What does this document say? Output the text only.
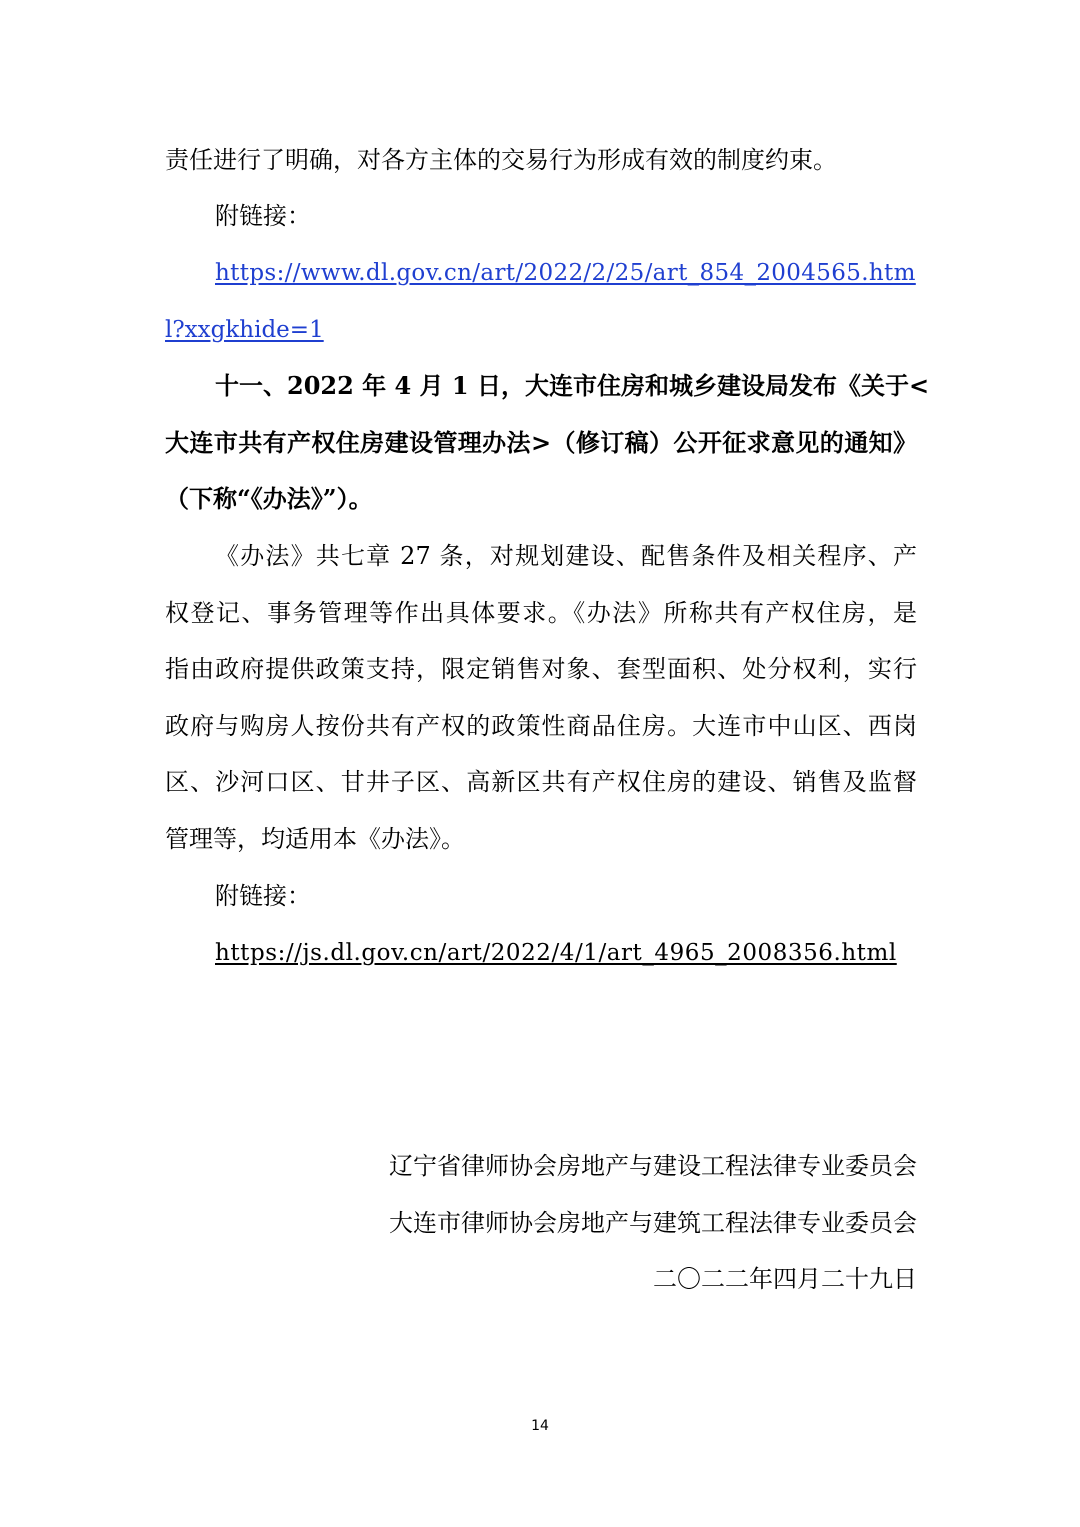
责任进行了明确，对各方主体的交易行为形成有效的制度约束。
附链接：
https://www.dl.gov.cn/art/2022/2/25/art_854_2004565.htm
l?xxgkhide=1
十一、2022 年 4 月 1 日，大连市住房和城乡建设局发布《关于<
大连市共有产权住房建设管理办法>（修订稿）公开征求意见的通知》
（下称“《办法》”）。
《办法》共七章 27 条，对规划建设、配售条件及相关程序、产
权登记、事务管理等作出具体要求。《办法》所称共有产权住房，是
指由政府提供政策支持，限定销售对象、套型面积、处分权利，实行
政府与购房人按份共有产权的政策性商品住房。大连市中山区、西岗
区、沙河口区、甘井子区、高新区共有产权住房的建设、销售及监督
管理等，均适用本《办法》。
附链接：
https://js.dl.gov.cn/art/2022/4/1/art_4965_2008356.html
辽宁省律师协会房地产与建设工程法律专业委员会
大连市律师协会房地产与建筑工程法律专业委员会
二〇二二年四月二十九日
14
